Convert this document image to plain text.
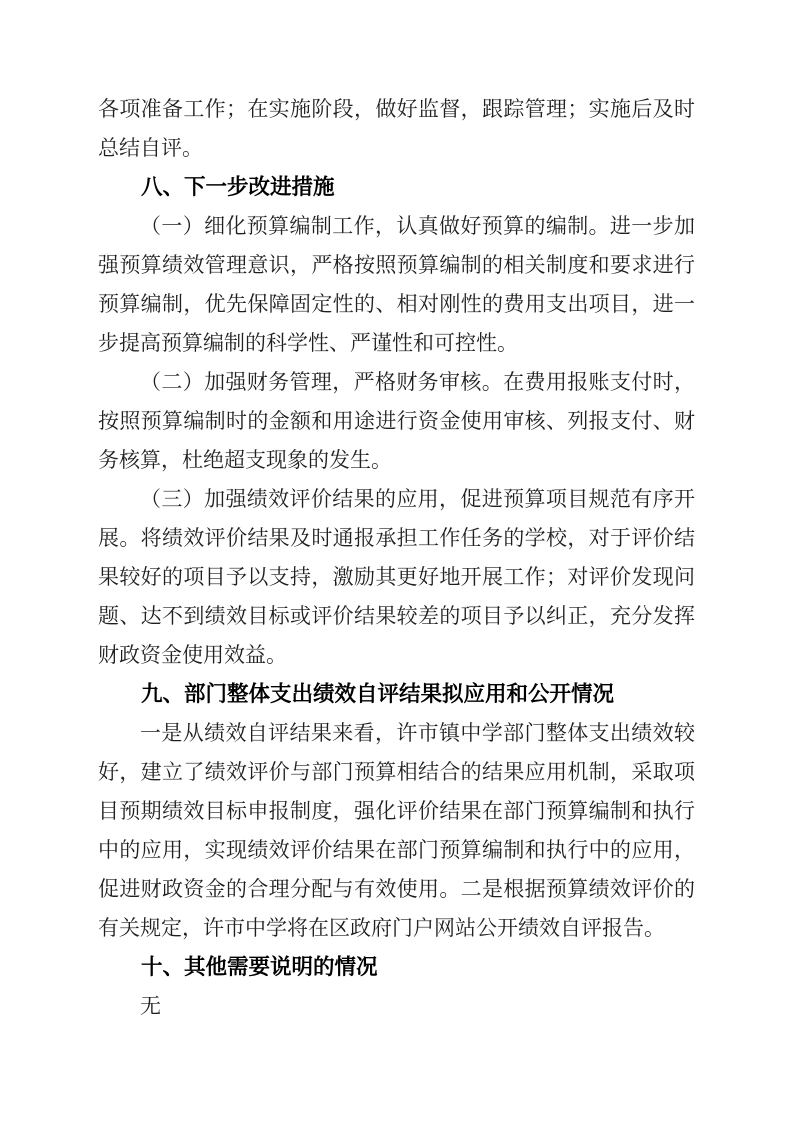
各项准备工作；在实施阶段，做好监督，跟踪管理；实施后及时总结自评。

八、下一步改进措施

（一）细化预算编制工作，认真做好预算的编制。进一步加强预算绩效管理意识，严格按照预算编制的相关制度和要求进行预算编制，优先保障固定性的、相对刚性的费用支出项目，进一步提高预算编制的科学性、严谨性和可控性。

（二）加强财务管理，严格财务审核。在费用报账支付时，按照预算编制时的金额和用途进行资金使用审核、列报支付、财务核算，杜绝超支现象的发生。

（三）加强绩效评价结果的应用，促进预算项目规范有序开展。将绩效评价结果及时通报承担工作任务的学校，对于评价结果较好的项目予以支持，激励其更好地开展工作；对评价发现问题、达不到绩效目标或评价结果较差的项目予以纠正，充分发挥财政资金使用效益。

九、部门整体支出绩效自评结果拟应用和公开情况

一是从绩效自评结果来看，许市镇中学部门整体支出绩效较好，建立了绩效评价与部门预算相结合的结果应用机制，采取项目预期绩效目标申报制度，强化评价结果在部门预算编制和执行中的应用，实现绩效评价结果在部门预算编制和执行中的应用，促进财政资金的合理分配与有效使用。二是根据预算绩效评价的有关规定，许市中学将在区政府门户网站公开绩效自评报告。

十、其他需要说明的情况

无
